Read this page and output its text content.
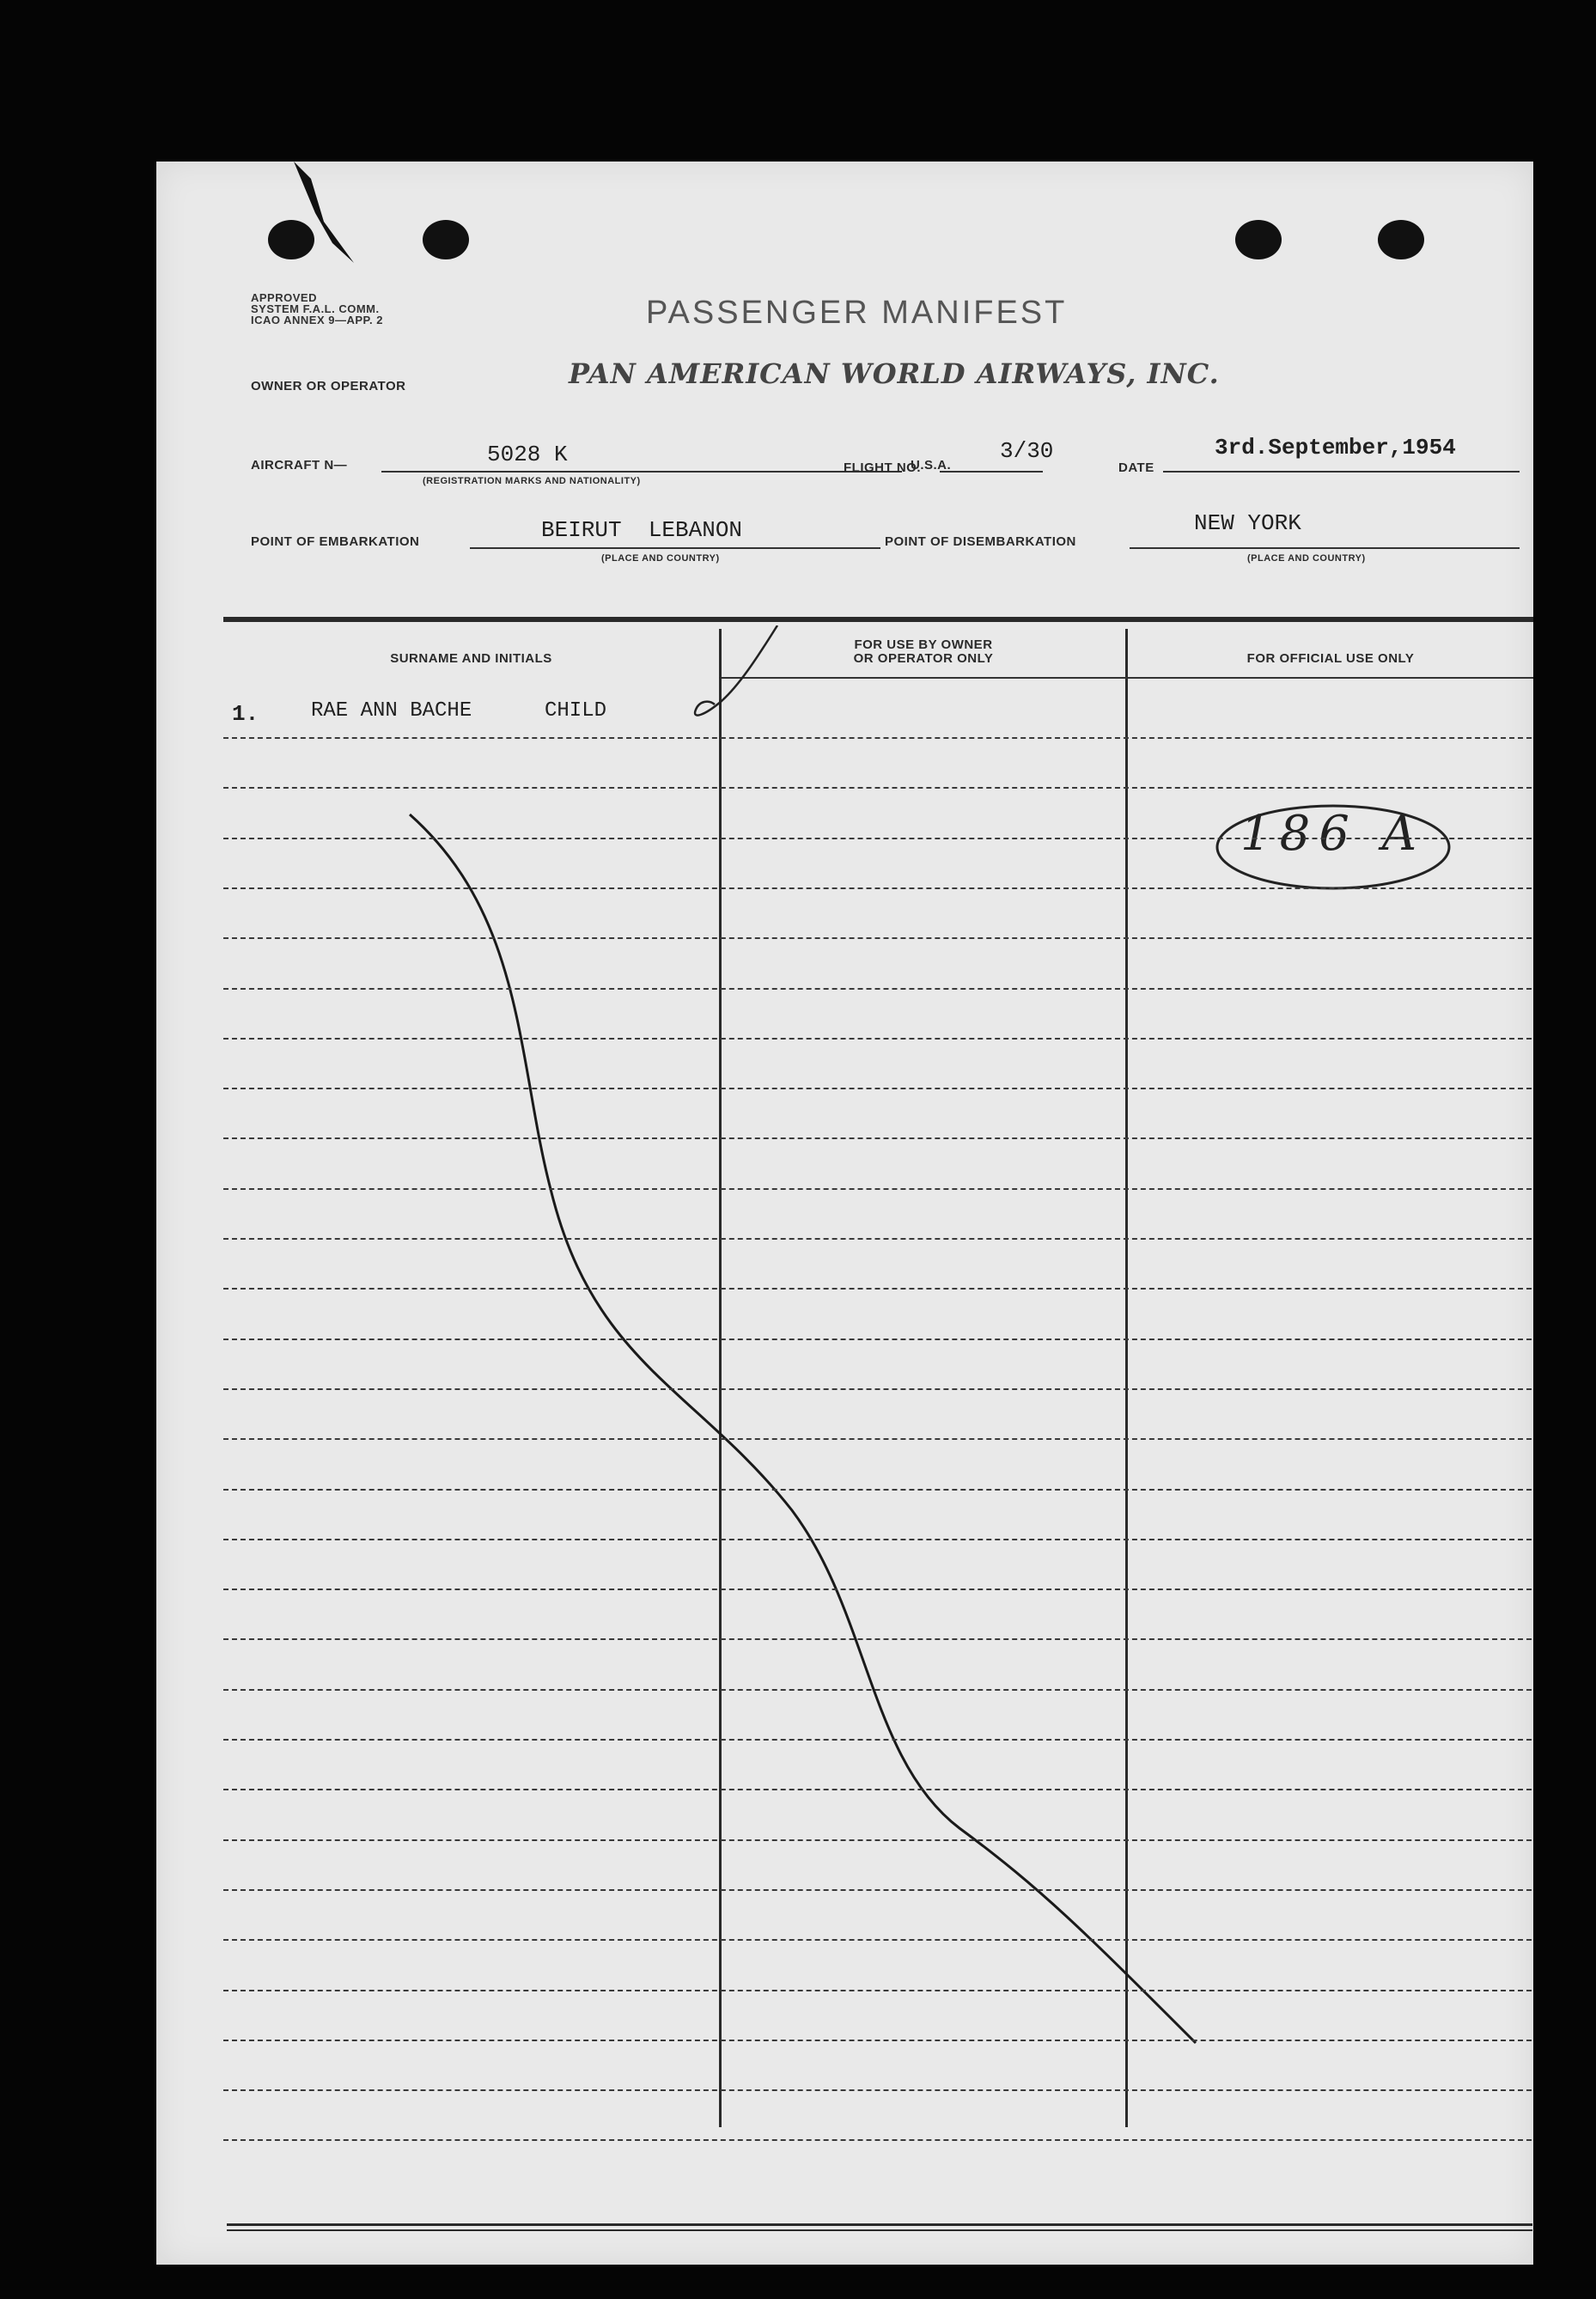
APPROVED
SYSTEM F.A.L. COMM.
ICAO ANNEX 9—APP. 2	PASSENGER MANIFEST
PAN AMERICAN WORLD AIRWAYS, INC.
OWNER OR OPERATOR
AIRCRAFT N—	5028 K
(REGISTRATION MARKS AND NATIONALITY)
U.S.A.
FLIGHT NO.
3/30
DATE
3rd.September,1954
POINT OF EMBARKATION	BEIRUT  LEBANON
(PLACE AND COUNTRY)
POINT OF DISEMBARKATION
NEW YORK
(PLACE AND COUNTRY)
SURNAME AND INITIALS
FOR USE BY OWNER
OR OPERATOR ONLY	FOR OFFICIAL USE ONLY
1.	RAE ANN BACHE	CHILD
186 A
